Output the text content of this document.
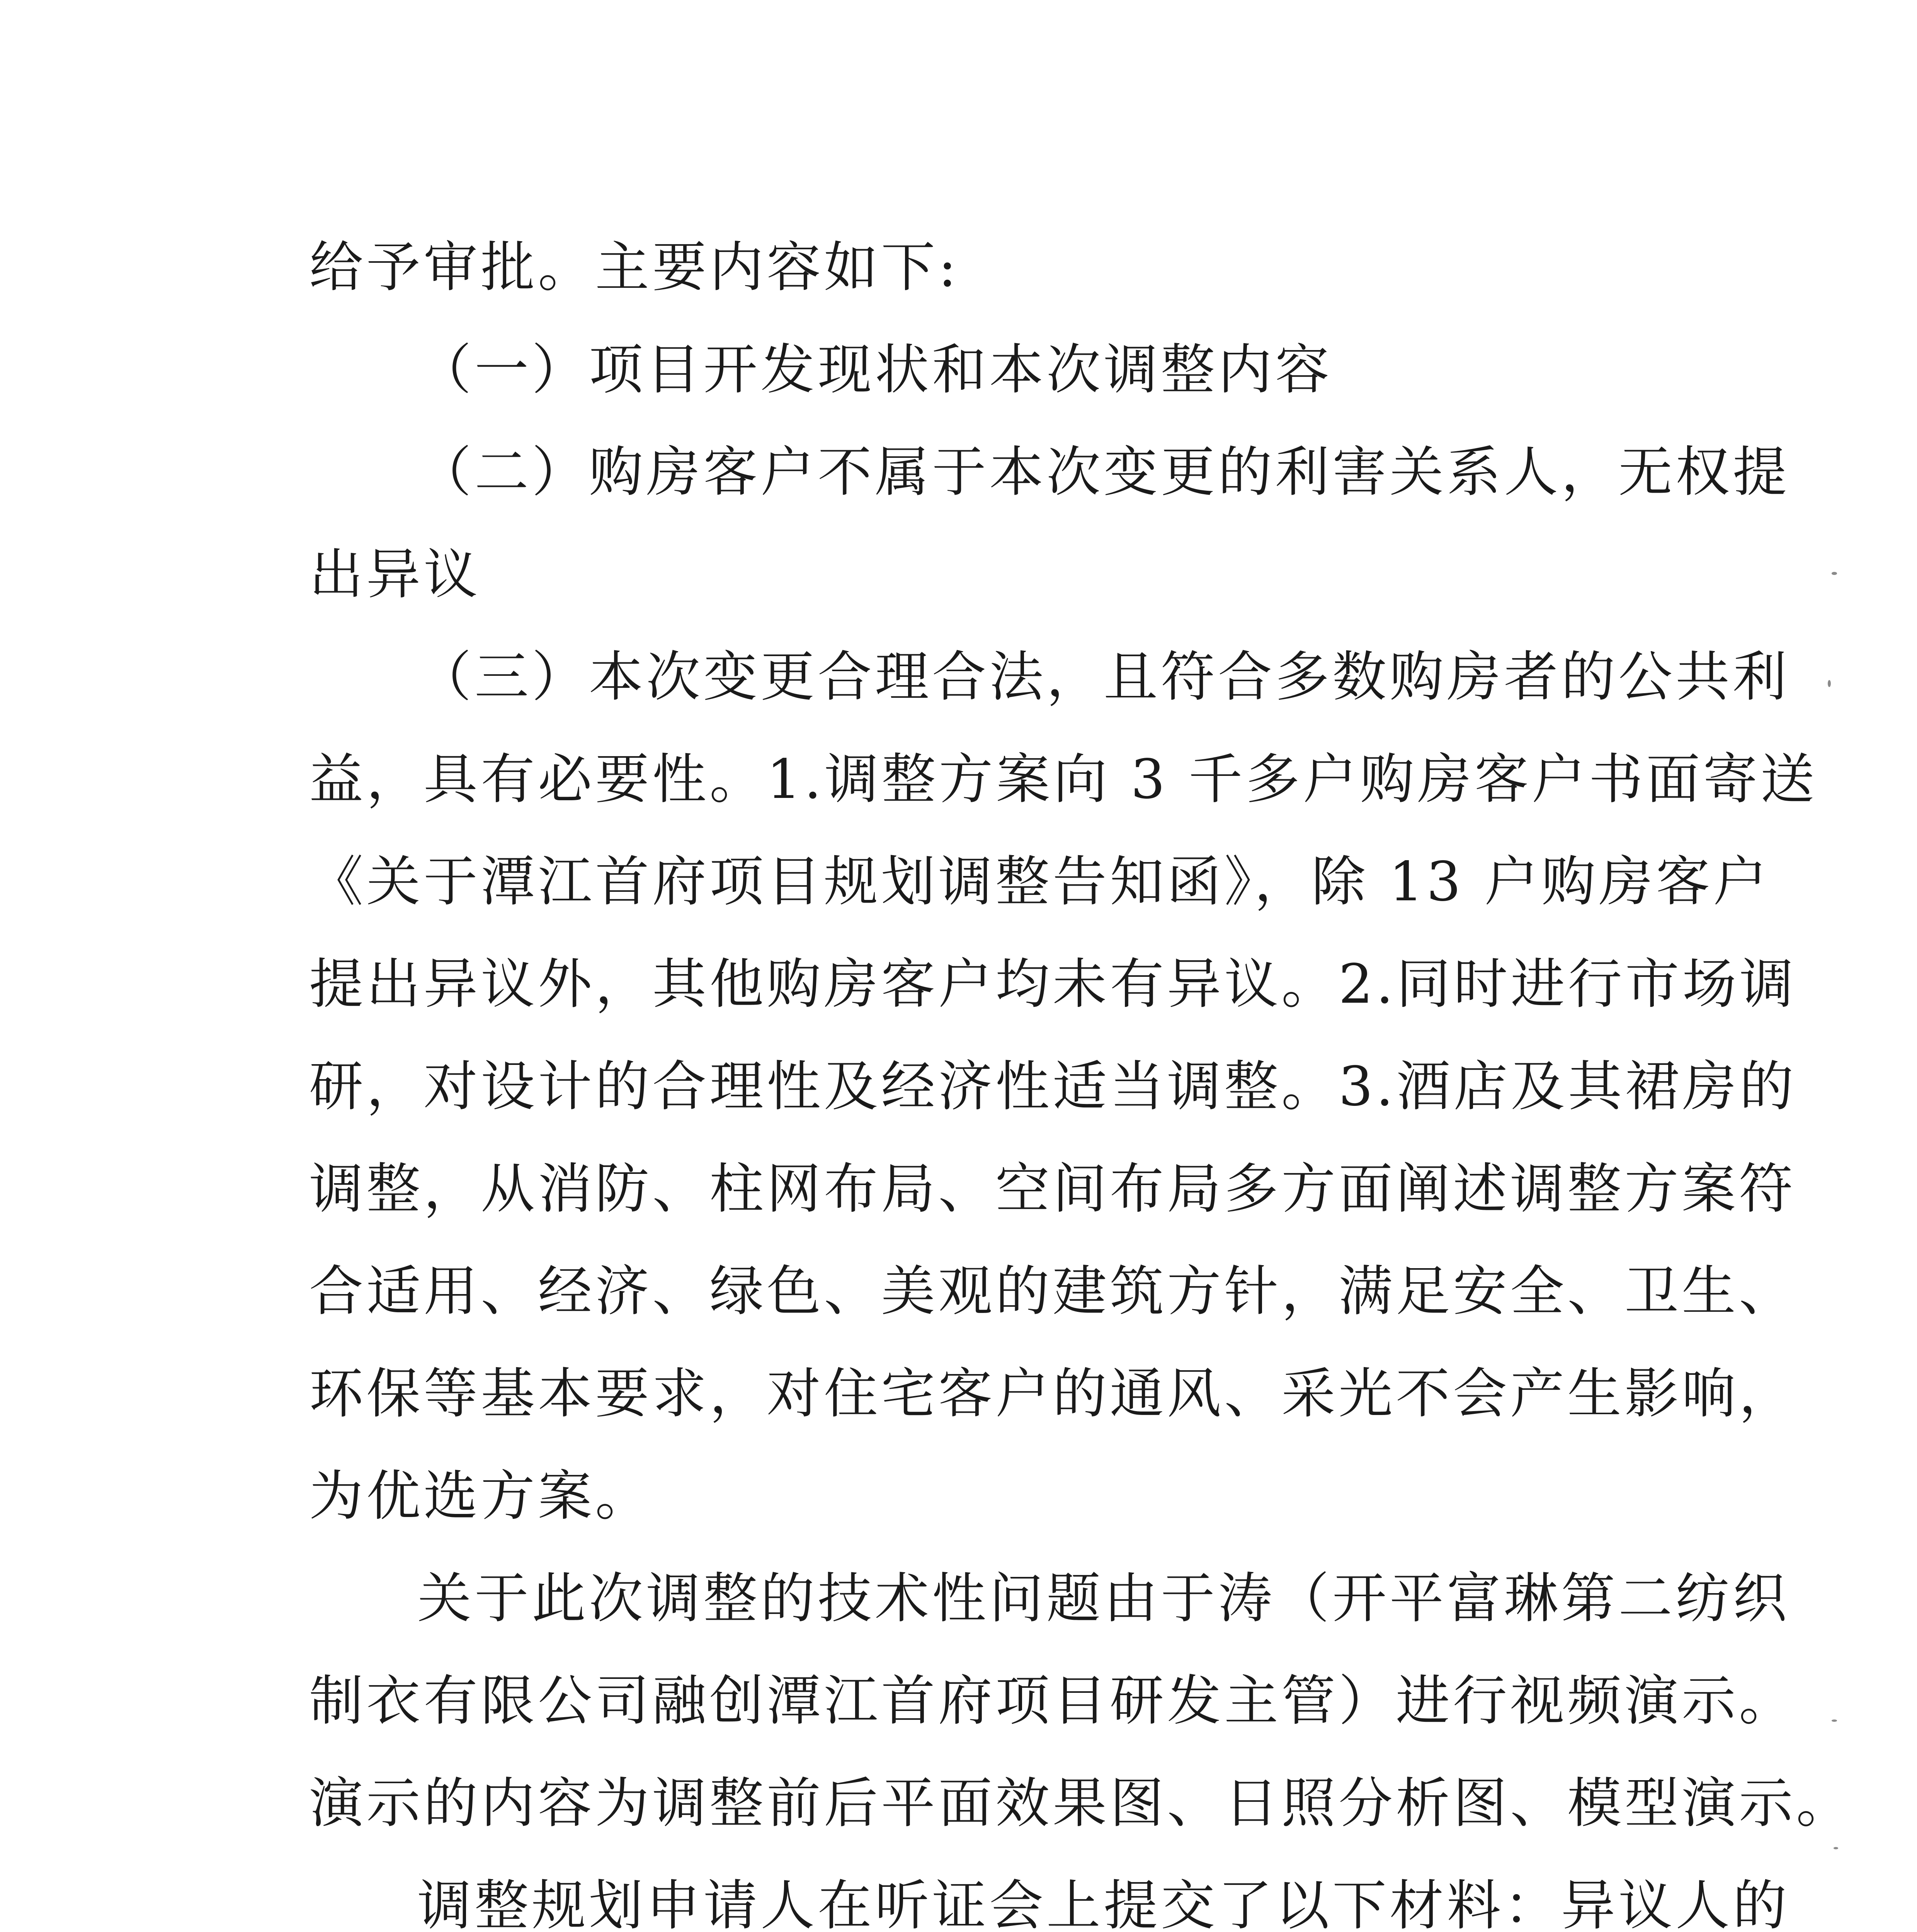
给予审批。主要内容如下:
（一）项目开发现状和本次调整内容
（二）购房客户不属于本次变更的利害关系人，无权提
出异议
（三）本次变更合理合法，且符合多数购房者的公共利
益，具有必要性。1.调整方案向 3 千多户购房客户书面寄送
《关于潭江首府项目规划调整告知函》，除 13 户购房客户
提出异议外，其他购房客户均未有异议。2.同时进行市场调
研，对设计的合理性及经济性适当调整。3.酒店及其裙房的
调整，从消防、柱网布局、空间布局多方面阐述调整方案符
合适用、经济、绿色、美观的建筑方针，满足安全、卫生、
环保等基本要求，对住宅客户的通风、采光不会产生影响，
为优选方案。
关于此次调整的技术性问题由于涛（开平富琳第二纺织
制衣有限公司融创潭江首府项目研发主管）进行视频演示。
演示的内容为调整前后平面效果图、日照分析图、模型演示。
调整规划申请人在听证会上提交了以下材料：异议人的
